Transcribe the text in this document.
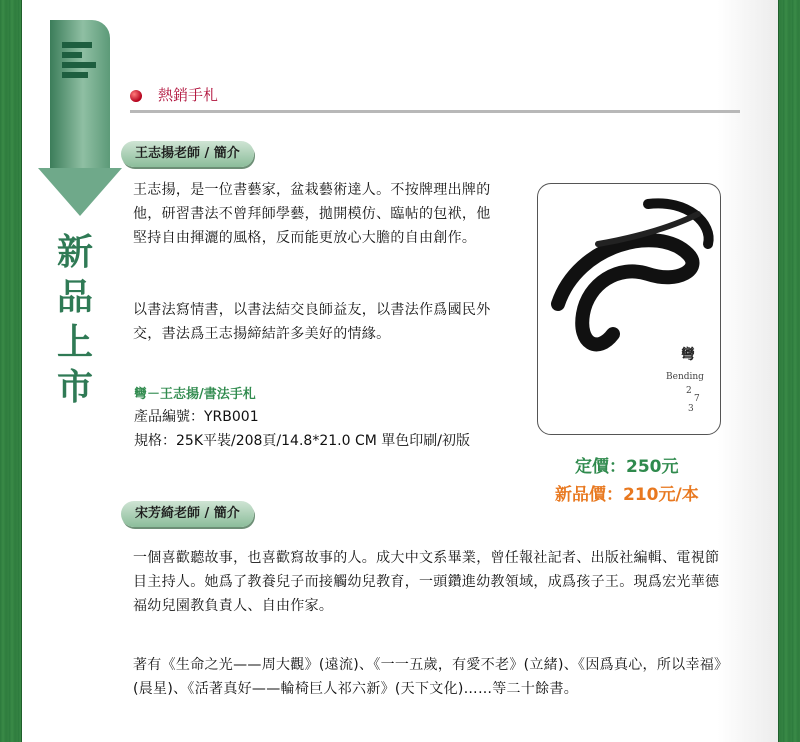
新
品
上
市
熱銷手札
王志揚老師 / 簡介
王志揚，是一位書藝家，盆栽藝術達人。不按牌理出牌的他，研習書法不曾拜師學藝，拋開模仿、臨帖的包袱，他堅持自由揮灑的風格，反而能更放心大膽的自由創作。
以書法寫情書，以書法結交良師益友，以書法作爲國民外交，書法爲王志揚締結許多美好的情緣。
彎－王志揚/書法手札
產品編號：YRB001
規格：25K平裝/208頁/14.8*21.0 CM 單色印刷/初版
彎
Bending
2
7
3
定價：250元
新品價：210元/本
宋芳綺老師 / 簡介
一個喜歡聽故事，也喜歡寫故事的人。成大中文系畢業，曾任報社記者、出版社編輯、電視節目主持人。她爲了教養兒子而接觸幼兒教育，一頭鑽進幼教領域，成爲孩子王。現爲宏光華德福幼兒園教負責人、自由作家。
著有《生命之光——周大觀》(遠流)、《一一五歲，有愛不老》(立緒)、《因爲真心，所以幸福》(晨星)、《活著真好——輪椅巨人祁六新》(天下文化)……等二十餘書。
